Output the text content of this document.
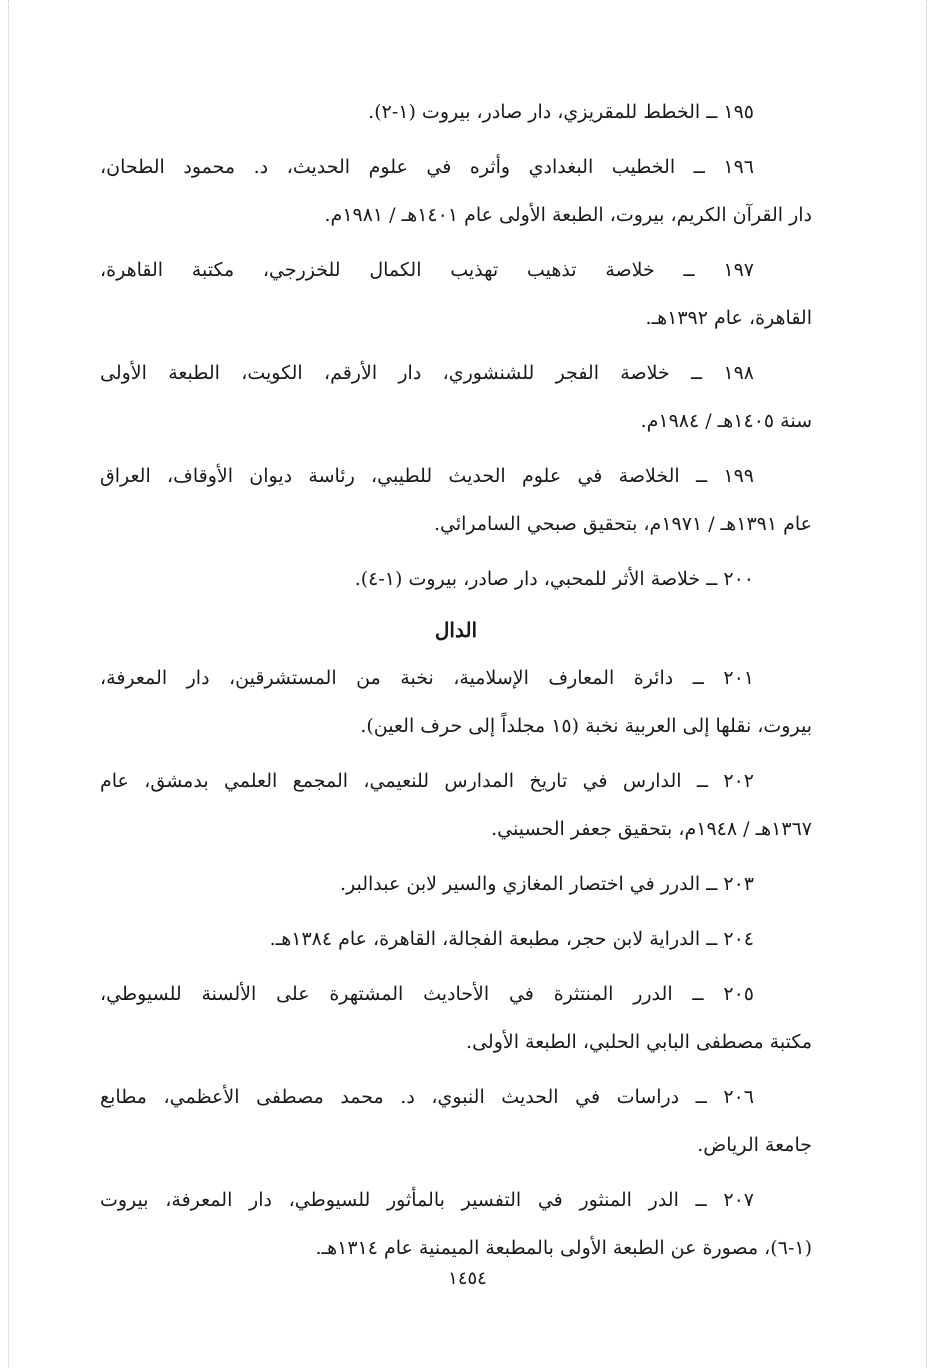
١٩٥ ــ الخطط للمقريزي، دار صادر، بيروت (١-٢).
١٩٦ ــ الخطيب البغدادي وأثره في علوم الحديث، د. محمود الطحان،
دار القرآن الكريم، بيروت، الطبعة الأولى عام ١٤٠١هـ / ١٩٨١م.
١٩٧ ــ خلاصة تذهيب تهذيب الكمال للخزرجي، مكتبة القاهرة،
القاهرة، عام ١٣٩٢هـ.
١٩٨ ــ خلاصة الفجر للشنشوري، دار الأرقم، الكويت، الطبعة الأولى
سنة ١٤٠٥هـ / ١٩٨٤م.
١٩٩ ــ الخلاصة في علوم الحديث للطيبي، رئاسة ديوان الأوقاف، العراق
عام ١٣٩١هـ / ١٩٧١م، بتحقيق صبحي السامرائي.
٢٠٠ ــ خلاصة الأثر للمحبي، دار صادر، بيروت (١-٤).
الدال
٢٠١ ــ دائرة المعارف الإسلامية، نخبة من المستشرقين، دار المعرفة،
بيروت، نقلها إلى العربية نخبة (١٥ مجلداً إلى حرف العين).
٢٠٢ ــ الدارس في تاريخ المدارس للنعيمي، المجمع العلمي بدمشق، عام
١٣٦٧هـ / ١٩٤٨م، بتحقيق جعفر الحسيني.
٢٠٣ ــ الدرر في اختصار المغازي والسير لابن عبدالبر.
٢٠٤ ــ الدراية لابن حجر، مطبعة الفجالة، القاهرة، عام ١٣٨٤هـ.
٢٠٥ ــ الدرر المنتثرة في الأحاديث المشتهرة على الألسنة للسيوطي،
مكتبة مصطفى البابي الحلبي، الطبعة الأولى.
٢٠٦ ــ دراسات في الحديث النبوي، د. محمد مصطفى الأعظمي، مطابع
جامعة الرياض.
٢٠٧ ــ الدر المنثور في التفسير بالمأثور للسيوطي، دار المعرفة، بيروت
(١-٦)، مصورة عن الطبعة الأولى بالمطبعة الميمنية عام ١٣١٤هـ.
١٤٥٤
